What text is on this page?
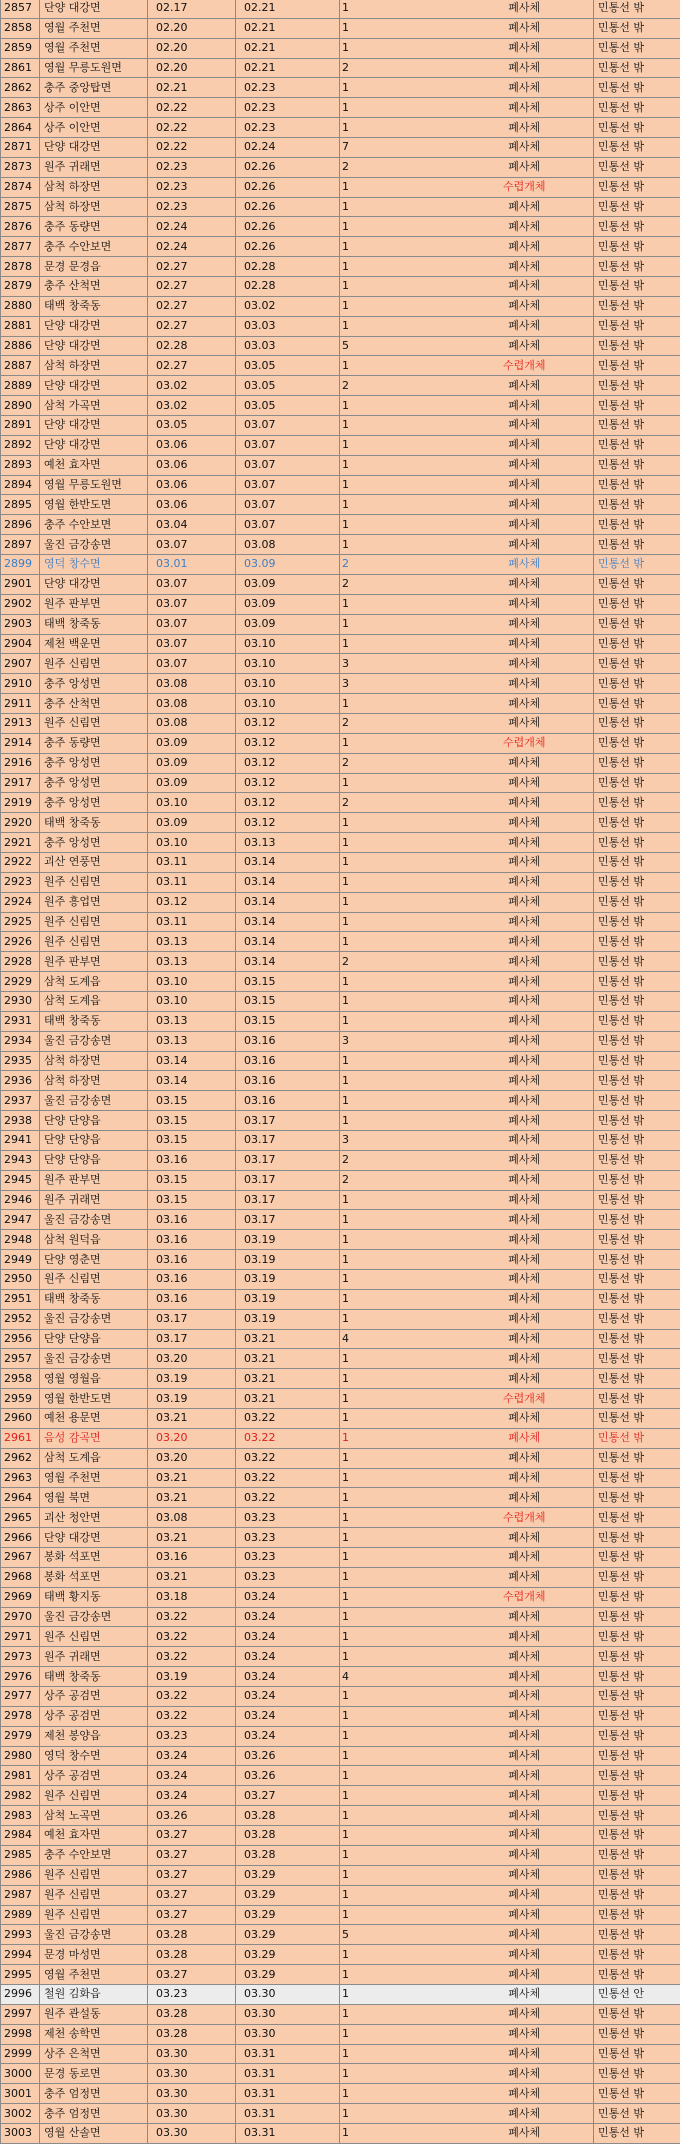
2857	단양 대강면	02.17	02.21	1		폐사체	민통선 밖
2858	영월 주천면	02.20	02.21	1		폐사체	민통선 밖
2859	영월 주천면	02.20	02.21	1		폐사체	민통선 밖
2861	영월 무릉도원면	02.20	02.21	2		폐사체	민통선 밖
2862	충주 중앙탑면	02.21	02.23	1		폐사체	민통선 밖
2863	상주 이안면	02.22	02.23	1		폐사체	민통선 밖
2864	상주 이안면	02.22	02.23	1		폐사체	민통선 밖
2871	단양 대강면	02.22	02.24	7		폐사체	민통선 밖
2873	원주 귀래면	02.23	02.26	2		폐사체	민통선 밖
2874	삼척 하장면	02.23	02.26	1		수렵개체	민통선 밖
2875	삼척 하장면	02.23	02.26	1		폐사체	민통선 밖
2876	충주 동량면	02.24	02.26	1		폐사체	민통선 밖
2877	충주 수안보면	02.24	02.26	1		폐사체	민통선 밖
2878	문경 문경읍	02.27	02.28	1		폐사체	민통선 밖
2879	충주 산척면	02.27	02.28	1		폐사체	민통선 밖
2880	태백 창죽동	02.27	03.02	1		폐사체	민통선 밖
2881	단양 대강면	02.27	03.03	1		폐사체	민통선 밖
2886	단양 대강면	02.28	03.03	5		폐사체	민통선 밖
2887	삼척 하장면	02.27	03.05	1		수렵개체	민통선 밖
2889	단양 대강면	03.02	03.05	2		폐사체	민통선 밖
2890	삼척 가곡면	03.02	03.05	1		폐사체	민통선 밖
2891	단양 대강면	03.05	03.07	1		폐사체	민통선 밖
2892	단양 대강면	03.06	03.07	1		폐사체	민통선 밖
2893	예천 효자면	03.06	03.07	1		폐사체	민통선 밖
2894	영월 무릉도원면	03.06	03.07	1		폐사체	민통선 밖
2895	영월 한반도면	03.06	03.07	1		폐사체	민통선 밖
2896	충주 수안보면	03.04	03.07	1		폐사체	민통선 밖
2897	울진 금강송면	03.07	03.08	1		폐사체	민통선 밖
2899	영덕 창수면	03.01	03.09	2		폐사체	민통선 밖
2901	단양 대강면	03.07	03.09	2		폐사체	민통선 밖
2902	원주 판부면	03.07	03.09	1		폐사체	민통선 밖
2903	태백 창죽동	03.07	03.09	1		폐사체	민통선 밖
2904	제천 백운면	03.07	03.10	1		폐사체	민통선 밖
2907	원주 신림면	03.07	03.10	3		폐사체	민통선 밖
2910	충주 앙성면	03.08	03.10	3		폐사체	민통선 밖
2911	충주 산척면	03.08	03.10	1		폐사체	민통선 밖
2913	원주 신림면	03.08	03.12	2		폐사체	민통선 밖
2914	충주 동량면	03.09	03.12	1		수렵개체	민통선 밖
2916	충주 앙성면	03.09	03.12	2		폐사체	민통선 밖
2917	충주 앙성면	03.09	03.12	1		폐사체	민통선 밖
2919	충주 앙성면	03.10	03.12	2		폐사체	민통선 밖
2920	태백 창죽동	03.09	03.12	1		폐사체	민통선 밖
2921	충주 앙성면	03.10	03.13	1		폐사체	민통선 밖
2922	괴산 연풍면	03.11	03.14	1		폐사체	민통선 밖
2923	원주 신림면	03.11	03.14	1		폐사체	민통선 밖
2924	원주 흥업면	03.12	03.14	1		폐사체	민통선 밖
2925	원주 신림면	03.11	03.14	1		폐사체	민통선 밖
2926	원주 신림면	03.13	03.14	1		폐사체	민통선 밖
2928	원주 판부면	03.13	03.14	2		폐사체	민통선 밖
2929	삼척 도계읍	03.10	03.15	1		폐사체	민통선 밖
2930	삼척 도계읍	03.10	03.15	1		폐사체	민통선 밖
2931	태백 창죽동	03.13	03.15	1		폐사체	민통선 밖
2934	울진 금강송면	03.13	03.16	3		폐사체	민통선 밖
2935	삼척 하장면	03.14	03.16	1		폐사체	민통선 밖
2936	삼척 하장면	03.14	03.16	1		폐사체	민통선 밖
2937	울진 금강송면	03.15	03.16	1		폐사체	민통선 밖
2938	단양 단양읍	03.15	03.17	1		폐사체	민통선 밖
2941	단양 단양읍	03.15	03.17	3		폐사체	민통선 밖
2943	단양 단양읍	03.16	03.17	2		폐사체	민통선 밖
2945	원주 판부면	03.15	03.17	2		폐사체	민통선 밖
2946	원주 귀래면	03.15	03.17	1		폐사체	민통선 밖
2947	울진 금강송면	03.16	03.17	1		폐사체	민통선 밖
2948	삼척 원덕읍	03.16	03.19	1		폐사체	민통선 밖
2949	단양 영춘면	03.16	03.19	1		폐사체	민통선 밖
2950	원주 신림면	03.16	03.19	1		폐사체	민통선 밖
2951	태백 창죽동	03.16	03.19	1		폐사체	민통선 밖
2952	울진 금강송면	03.17	03.19	1		폐사체	민통선 밖
2956	단양 단양읍	03.17	03.21	4		폐사체	민통선 밖
2957	울진 금강송면	03.20	03.21	1		폐사체	민통선 밖
2958	영월 영월읍	03.19	03.21	1		폐사체	민통선 밖
2959	영월 한반도면	03.19	03.21	1		수렵개체	민통선 밖
2960	예천 용문면	03.21	03.22	1		폐사체	민통선 밖
2961	음성 감곡면	03.20	03.22	1		폐사체	민통선 밖
2962	삼척 도계읍	03.20	03.22	1		폐사체	민통선 밖
2963	영월 주천면	03.21	03.22	1		폐사체	민통선 밖
2964	영월 북면	03.21	03.22	1		폐사체	민통선 밖
2965	괴산 청안면	03.08	03.23	1		수렵개체	민통선 밖
2966	단양 대강면	03.21	03.23	1		폐사체	민통선 밖
2967	봉화 석포면	03.16	03.23	1		폐사체	민통선 밖
2968	봉화 석포면	03.21	03.23	1		폐사체	민통선 밖
2969	태백 황지동	03.18	03.24	1		수렵개체	민통선 밖
2970	울진 금강송면	03.22	03.24	1		폐사체	민통선 밖
2971	원주 신림면	03.22	03.24	1		폐사체	민통선 밖
2973	원주 귀래면	03.22	03.24	1		폐사체	민통선 밖
2976	태백 창죽동	03.19	03.24	4		폐사체	민통선 밖
2977	상주 공검면	03.22	03.24	1		폐사체	민통선 밖
2978	상주 공검면	03.22	03.24	1		폐사체	민통선 밖
2979	제천 봉양읍	03.23	03.24	1		폐사체	민통선 밖
2980	영덕 창수면	03.24	03.26	1		폐사체	민통선 밖
2981	상주 공검면	03.24	03.26	1		폐사체	민통선 밖
2982	원주 신림면	03.24	03.27	1		폐사체	민통선 밖
2983	삼척 노곡면	03.26	03.28	1		폐사체	민통선 밖
2984	예천 효자면	03.27	03.28	1		폐사체	민통선 밖
2985	충주 수안보면	03.27	03.28	1		폐사체	민통선 밖
2986	원주 신림면	03.27	03.29	1		폐사체	민통선 밖
2987	원주 신림면	03.27	03.29	1		폐사체	민통선 밖
2989	원주 신림면	03.27	03.29	1		폐사체	민통선 밖
2993	울진 금강송면	03.28	03.29	5		폐사체	민통선 밖
2994	문경 마성면	03.28	03.29	1		폐사체	민통선 밖
2995	영월 주천면	03.27	03.29	1		폐사체	민통선 밖
2996	철원 김화읍	03.23	03.30	1		폐사체	민통선 안
2997	원주 관설동	03.28	03.30	1		폐사체	민통선 밖
2998	제천 송학면	03.28	03.30	1		폐사체	민통선 밖
2999	상주 은척면	03.30	03.31	1		폐사체	민통선 밖
3000	문경 동로면	03.30	03.31	1		폐사체	민통선 밖
3001	충주 엄정면	03.30	03.31	1		폐사체	민통선 밖
3002	충주 엄정면	03.30	03.31	1		폐사체	민통선 밖
3003	영월 산솔면	03.30	03.31	1		폐사체	민통선 밖
